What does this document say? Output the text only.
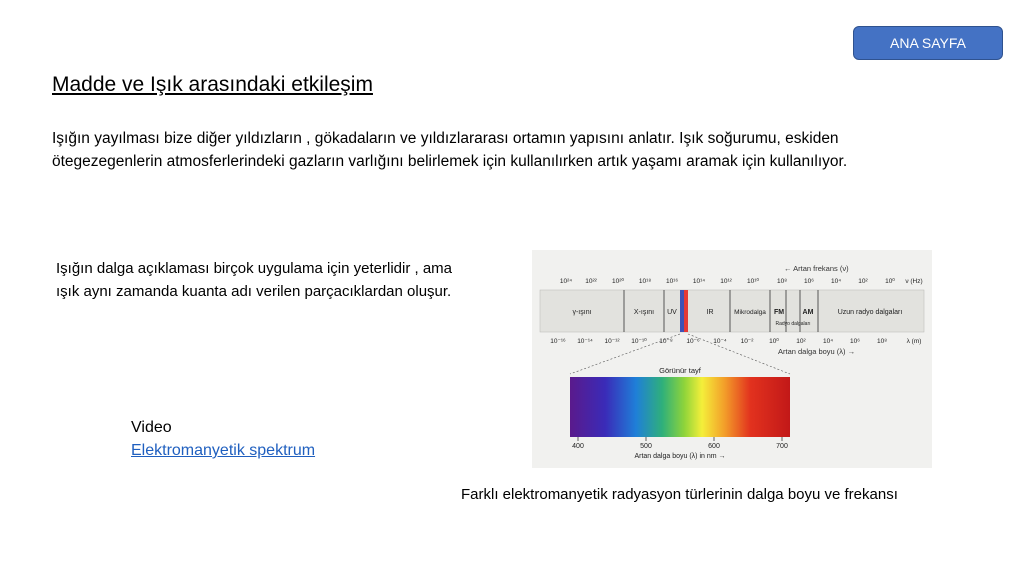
ANA SAYFA
Madde ve Işık arasındaki etkileşim

Işığın yayılması bize diğer yıldızların , gökadaların ve yıldızlararası ortamın yapısını anlatır. Işık soğurumu, eskiden
ötegezegenlerin atmosferlerindeki gazların varlığını belirlemek için kullanılırken artık yaşamı aramak için kullanılıyor.

Işığın dalga açıklaması birçok uygulama için yeterlidir , ama
ışık aynı zamanda kuanta adı verilen parçacıklardan oluşur.

Video
Elektromanyetik spektrum
← Artan frekans (ν)
10²⁴ 10²² 10²⁰ 10¹⁸ 10¹⁶ 10¹⁴ 10¹² 10¹⁰	10⁸	10⁶	10⁴	10²	10⁰ ν (Hz)
γ-ışını	X-ışını UV	IR	Mikrodalga FM	AM	Uzun radyo dalgaları
Radyo dalgaları
10⁻¹⁶ 10⁻¹⁴ 10⁻¹² 10⁻¹⁰ 10⁻⁸ 10⁻⁶ 10⁻⁴ 10⁻² 10⁰	10²	10⁴	10⁶	10⁸	λ (m)
Artan dalga boyu (λ) →
Görünür tayf
400	500	600	700
Artan dalga boyu (λ) in nm →
Farklı elektromanyetik radyasyon türlerinin dalga boyu ve frekansı
